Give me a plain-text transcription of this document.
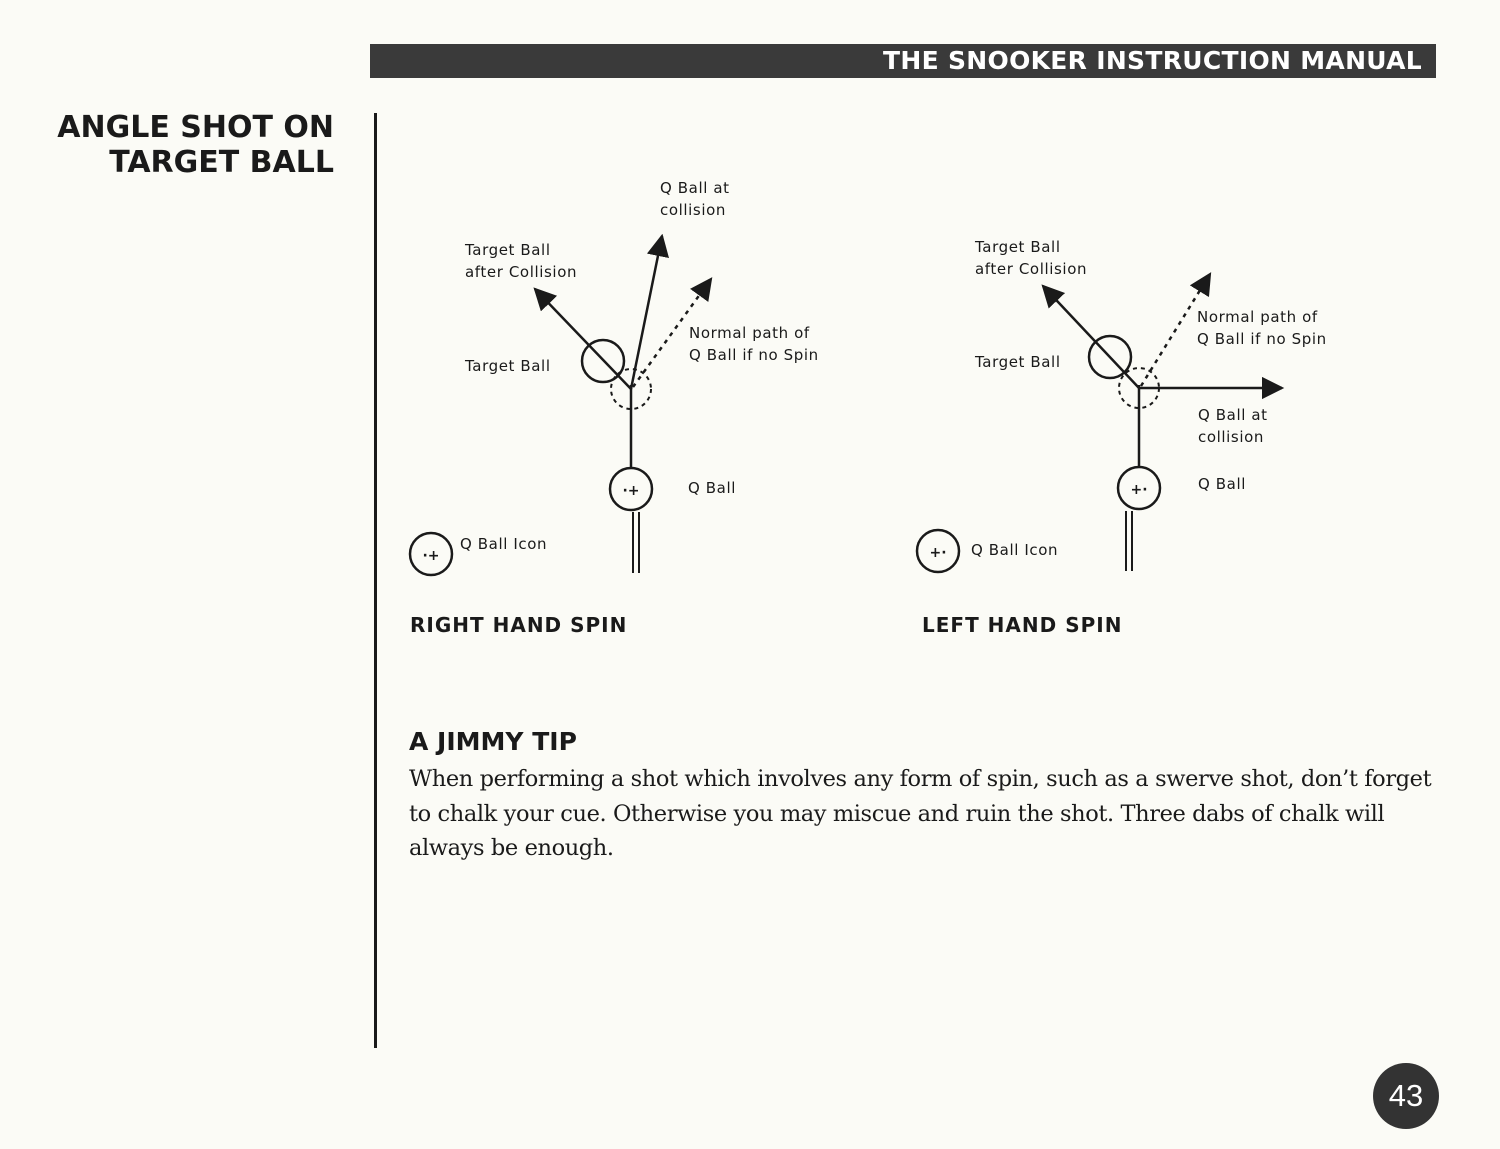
THE SNOOKER INSTRUCTION MANUAL
ANGLE SHOT ON
TARGET BALL
·+
·+
+·
+·
Q Ball at
collision
Target Ball
after Collision
Normal path of
Q Ball if no Spin
Target Ball
Q Ball
Q Ball Icon
RIGHT HAND SPIN
Target Ball
after Collision
Normal path of
Q Ball if no Spin
Target Ball
Q Ball at
collision
Q Ball
Q Ball Icon
LEFT HAND SPIN
A JIMMY TIP
When performing a shot which involves any form of spin, such as a swerve shot, don’t forget to chalk your cue. Otherwise you may miscue and ruin the shot. Three dabs of chalk will always be enough.
43
